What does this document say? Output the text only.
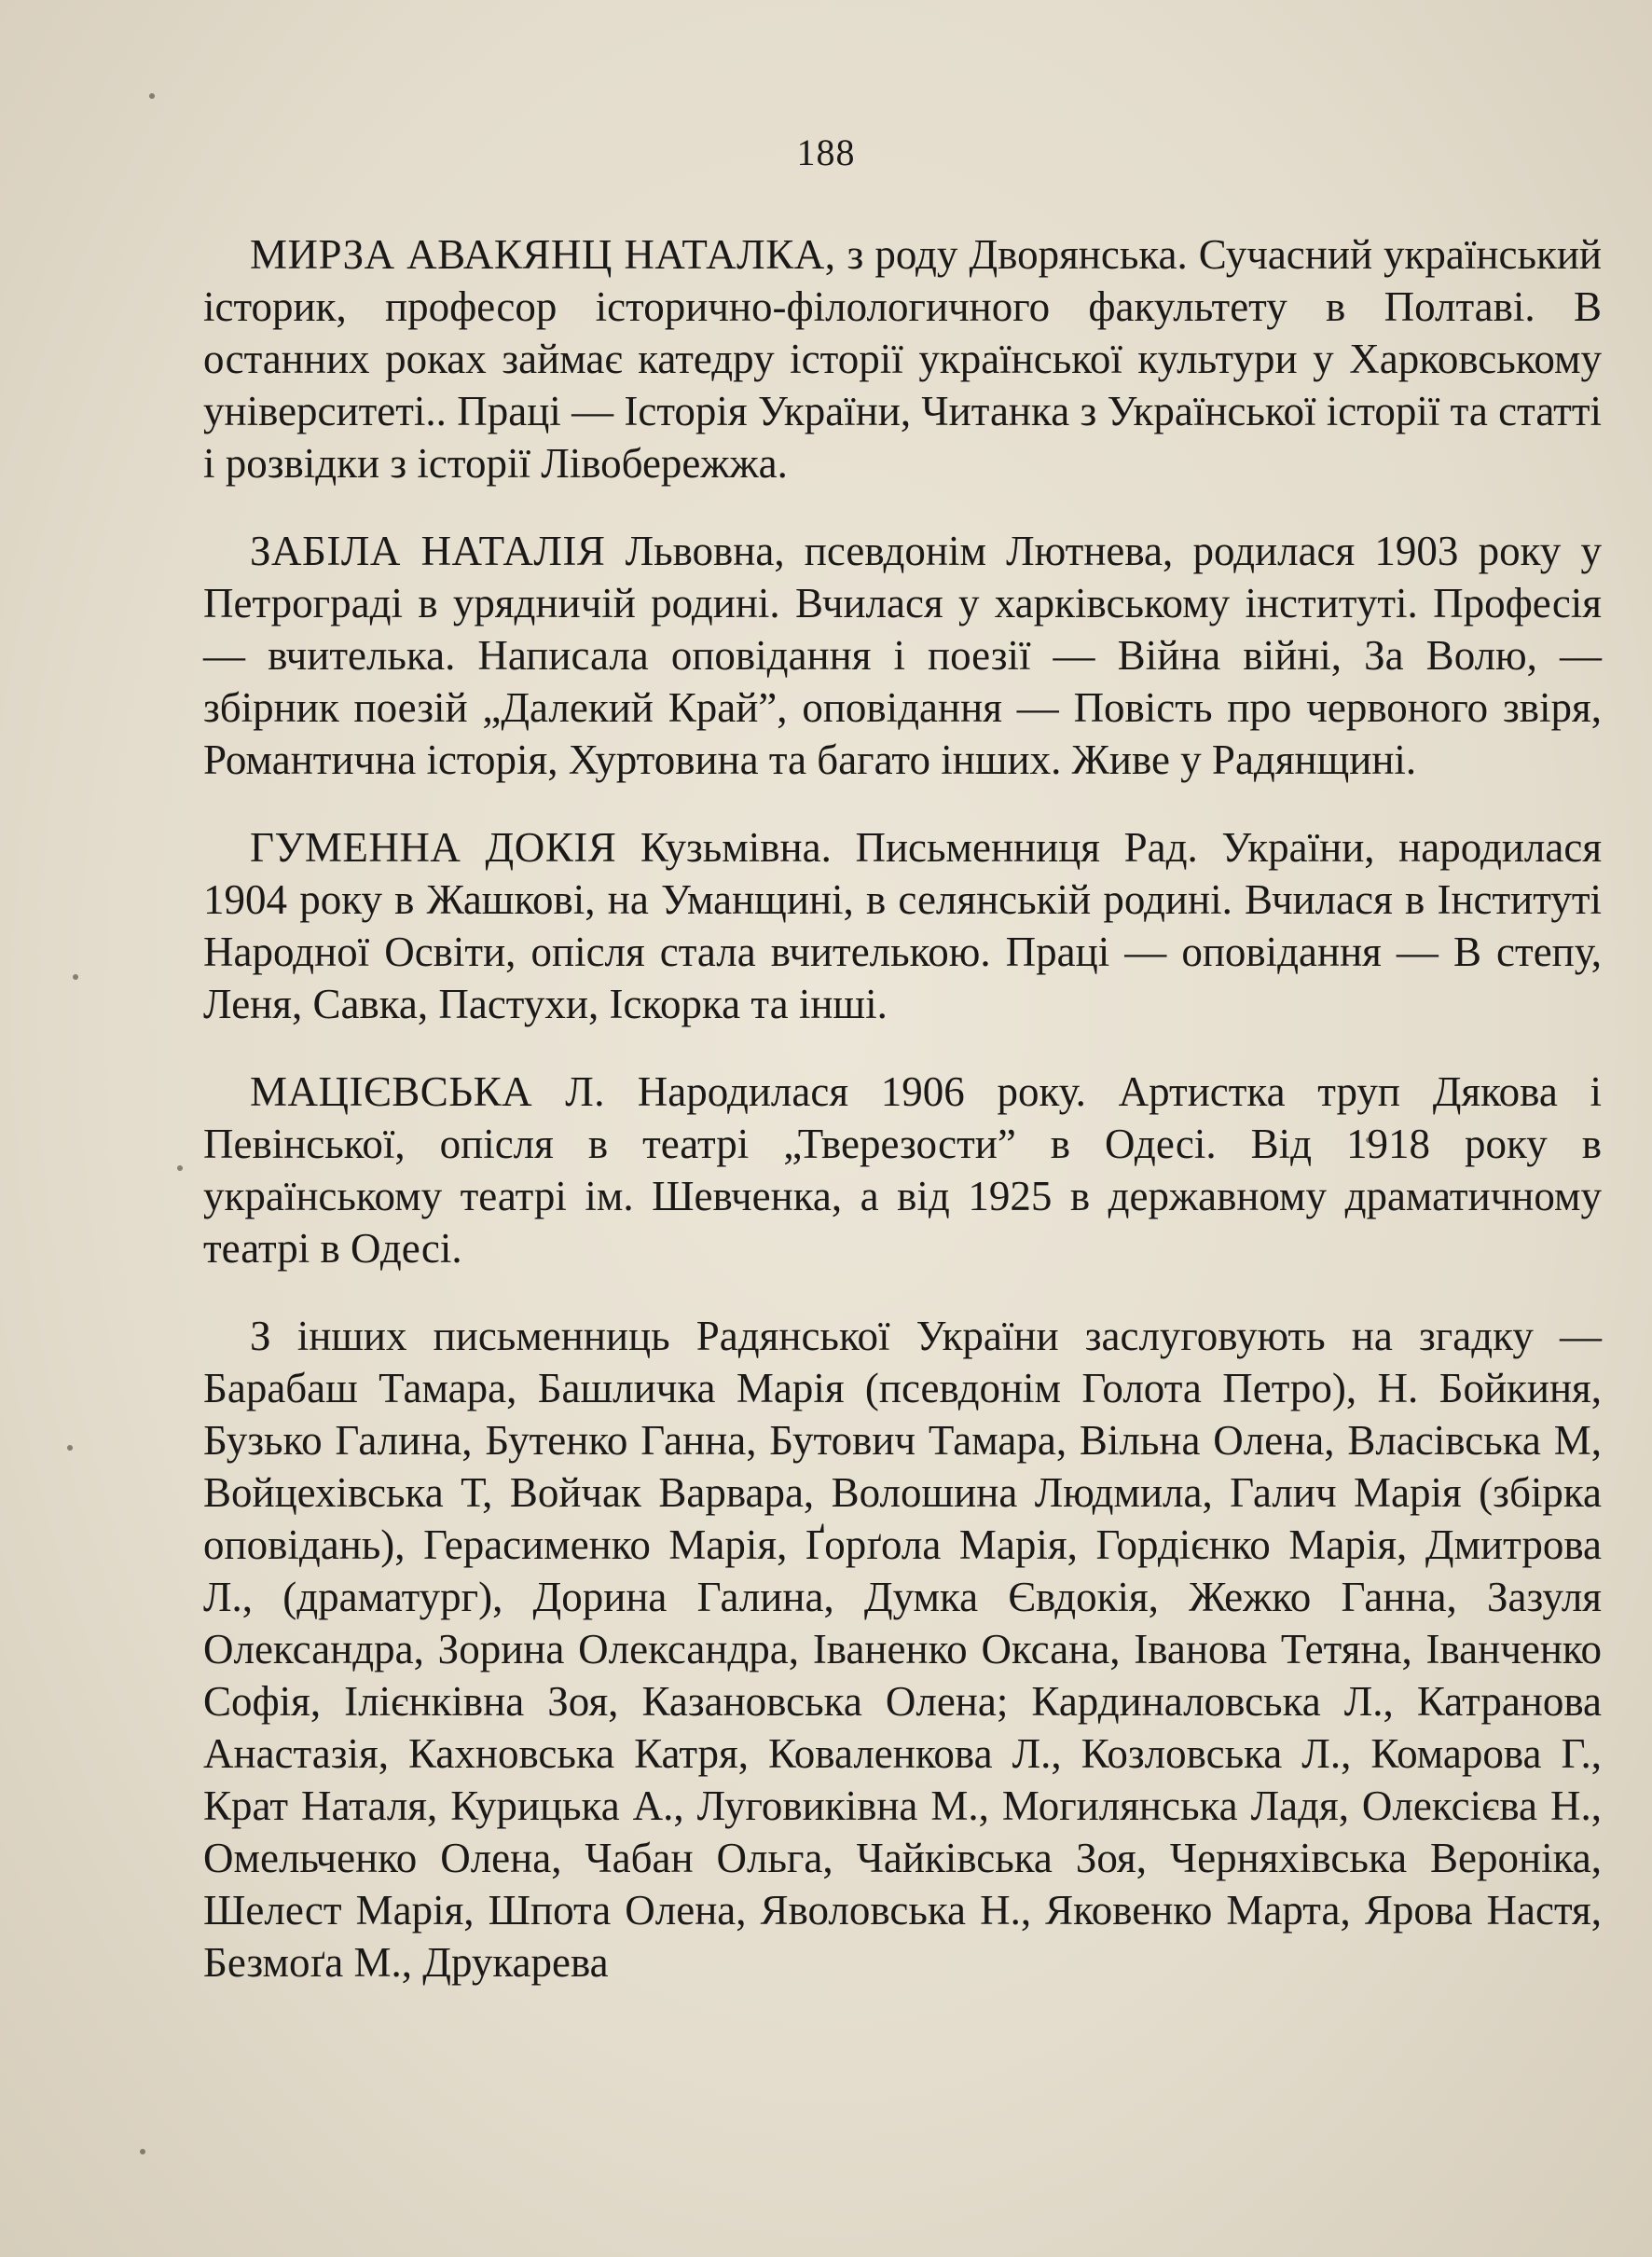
188

МИРЗА АВАКЯНЦ НАТАЛКА, з роду Дворянська. Сучасний український історик, професор історично-філологичного факультету в Полтаві. В останних роках займає катедру історії української культури у Харковському університеті.. Праці — Історія України, Читанка з Української історії та статті і розвідки з історії Лівобережжа.

ЗАБІЛА НАТАЛІЯ Львовна, псевдонім Лютнева, родилася 1903 року у Петрограді в урядничій родині. Вчилася у харківському інституті. Професія — вчителька. Написала оповідання і поезії — Війна війні, За Волю, — збірник поезій „Далекий Край”, оповідання — Повість про червоного звіря, Романтична історія, Хуртовина та багато інших. Живе у Радянщині.

ГУМЕННА ДОКІЯ Кузьмівна. Письменниця Рад. України, народилася 1904 року в Жашкові, на Уманщині, в селянській родині. Вчилася в Інституті Народної Освіти, опісля стала вчителькою. Праці — оповідання — В степу, Леня, Савка, Пастухи, Іскорка та інші.

МАЦІЄВСЬКА Л. Народилася 1906 року. Артистка труп Дякова і Певінської, опісля в театрі „Тверезости” в Одесі. Від 1918 року в українському театрі ім. Шевченка, а від 1925 в державному драматичному театрі в Одесі.

З інших письменниць Радянської України заслуговують на згадку — Барабаш Тамара, Башличка Марія (псевдонім Голота Петро), Н. Бойкиня, Бузько Галина, Бутенко Ганна, Бутович Тамара, Вільна Олена, Власівська М, Войцехівська Т, Войчак Варвара, Волошина Людмила, Галич Марія (збірка оповідань), Герасименко Марія, Ґорґола Марія, Гордієнко Марія, Дмитрова Л., (драматург), Дорина Галина, Думка Євдокія, Жежко Ганна, Зазуля Олександра, Зорина Олександра, Іваненко Оксана, Іванова Тетяна, Іванченко Софія, Ілієнківна Зоя, Казановська Олена; Кардиналовська Л., Катранова Анастазія, Кахновська Катря, Коваленкова Л., Козловська Л., Комарова Г., Крат Наталя, Курицька А., Луговиківна М., Могилянська Ладя, Олексієва Н., Омельченко Олена, Чабан Ольга, Чайківська Зоя, Черняхівська Вероніка, Шелест Марія, Шпота Олена, Яволовська Н., Яковенко Марта, Ярова Настя, Безмоґа М., Друкарева
